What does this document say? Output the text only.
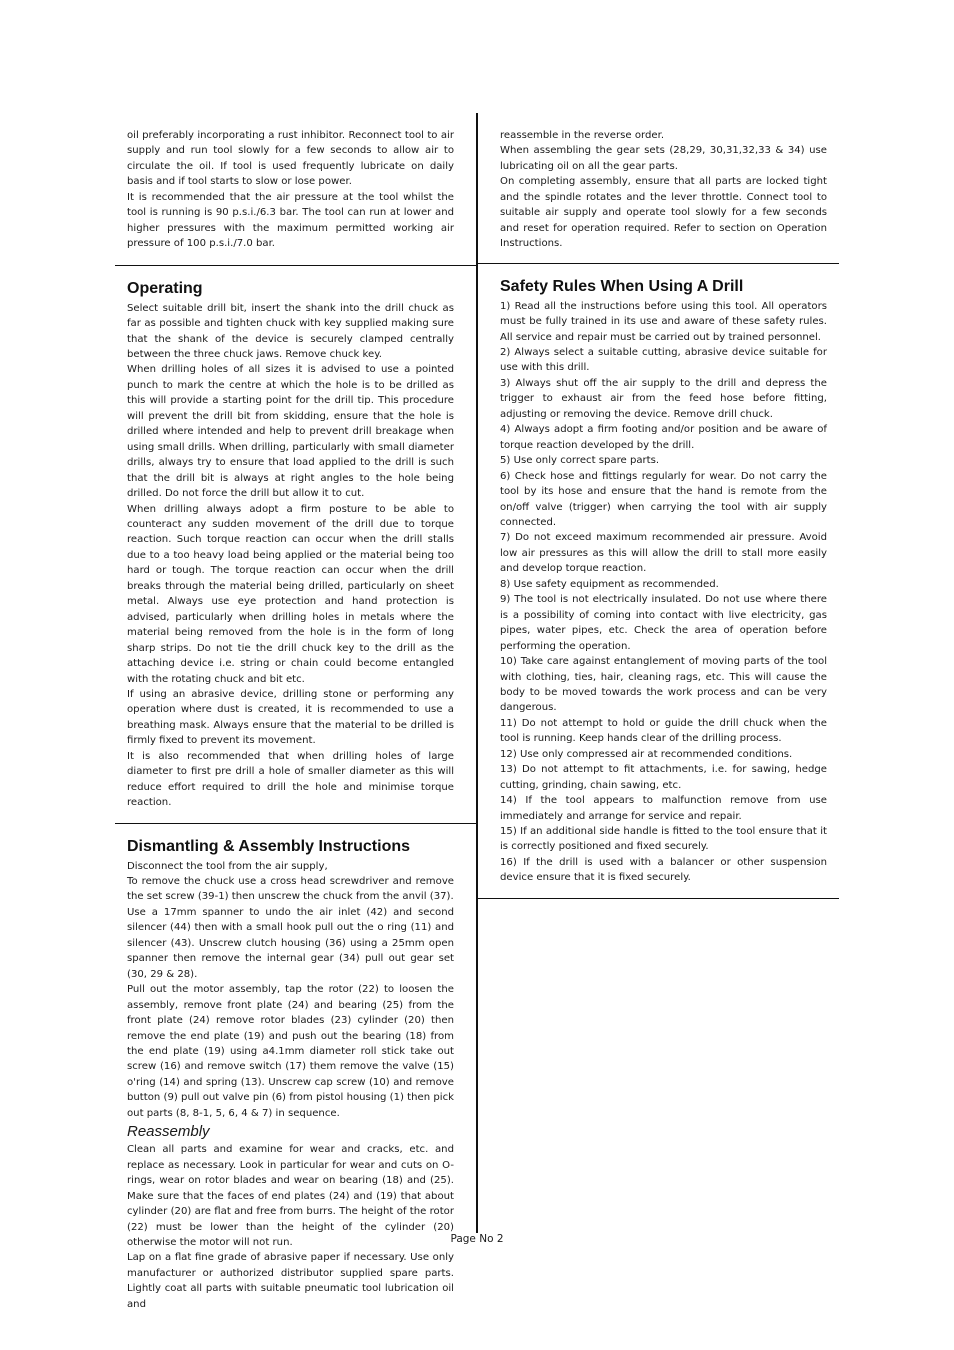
oil preferably incorporating a rust inhibitor. Reconnect tool to air supply and run tool slowly for a few seconds to allow air to circulate the oil. If tool is used frequently lubricate on daily basis and if tool starts to slow or lose power.

It is recommended that the air pressure at the tool whilst the tool is running is 90 p.s.i./6.3 bar. The tool can run at lower and higher pressures with the maximum permitted working air pressure of 100 p.s.i./7.0 bar.

Operating

Select suitable drill bit, insert the shank into the drill chuck as far as possible and tighten chuck with key supplied making sure that the shank of the device is securely clamped centrally between the three chuck jaws. Remove chuck key.

When drilling holes of all sizes it is advised to use a pointed punch to mark the centre at which the hole is to be drilled as this will provide a starting point for the drill tip. This procedure will prevent the drill bit from skidding, ensure that the hole is drilled where intended and help to prevent drill breakage when using small drills. When drilling, particularly with small diameter drills, always try to ensure that load applied to the drill is such that the drill bit is always at right angles to the hole being drilled. Do not force the drill but allow it to cut.

When drilling always adopt a firm posture to be able to counteract any sudden movement of the drill due to torque reaction. Such torque reaction can occur when the drill stalls due to a too heavy load being applied or the material being too hard or tough. The torque reaction can occur when the drill breaks through the material being drilled, particularly on sheet metal. Always use eye protection and hand protection is advised, particularly when drilling holes in metals where the material being removed from the hole is in the form of long sharp strips. Do not tie the drill chuck key to the drill as the attaching device i.e. string or chain could become entangled with the rotating chuck and bit etc.

If using an abrasive device, drilling stone or performing any operation where dust is created, it is recommended to use a breathing mask. Always ensure that the material to be drilled is firmly fixed to prevent its movement.

It is also recommended that when drilling holes of large diameter to first pre drill a hole of smaller diameter as this will reduce effort required to drill the hole and minimise torque reaction.

Dismantling & Assembly Instructions

Disconnect the tool from the air supply,

To remove the chuck use a cross head screwdriver and remove the set screw (39-1) then unscrew the chuck from the anvil (37).

Use a 17mm spanner to undo the air inlet (42) and second silencer (44) then with a small hook pull out the o ring (11) and silencer (43). Unscrew clutch housing (36) using a 25mm open spanner then remove the internal gear (34) pull out gear set (30, 29 & 28).

Pull out the motor assembly, tap the rotor (22) to loosen the assembly, remove front plate (24) and bearing (25) from the front plate (24) remove rotor blades (23) cylinder (20) then remove the end plate (19) and push out the bearing (18) from the end plate (19) using a4.1mm diameter roll stick take out screw (16) and remove switch (17) them remove the valve (15) o'ring (14) and spring (13). Unscrew cap screw (10) and remove button (9) pull out valve pin (6) from pistol housing (1) then pick out parts (8, 8-1, 5, 6, 4 & 7) in sequence.

Reassembly

Clean all parts and examine for wear and cracks, etc. and replace as necessary. Look in particular for wear and cuts on O-rings, wear on rotor blades and wear on bearing (18) and (25). Make sure that the faces of end plates (24) and (19) that about cylinder (20) are flat and free from burrs. The height of the rotor (22) must be lower than the height of the cylinder (20) otherwise the motor will not run.

Lap on a flat fine grade of abrasive paper if necessary. Use only manufacturer or authorized distributor supplied spare parts. Lightly coat all parts with suitable pneumatic tool lubrication oil and

reassemble in the reverse order.

When assembling the gear sets (28,29, 30,31,32,33 & 34) use lubricating oil on all the gear parts.

On completing assembly, ensure that all parts are locked tight and the spindle rotates and the lever throttle. Connect tool to suitable air supply and operate tool slowly for a few seconds and reset for operation required. Refer to section on Operation Instructions.

Safety Rules When Using A Drill

1) Read all the instructions before using this tool. All operators must be fully trained in its use and aware of these safety rules. All service and repair must be carried out by trained personnel.

2) Always select a suitable cutting, abrasive device suitable for use with this drill.

3) Always shut off the air supply to the drill and depress the trigger to exhaust air from the feed hose before fitting, adjusting or removing the device. Remove drill chuck.

4) Always adopt a firm footing and/or position and be aware of torque reaction developed by the drill.

5) Use only correct spare parts.

6) Check hose and fittings regularly for wear. Do not carry the tool by its hose and ensure that the hand is remote from the on/off valve (trigger) when carrying the tool with air supply connected.

7) Do not exceed maximum recommended air pressure. Avoid low air pressures as this will allow the drill to stall more easily and develop torque reaction.

8) Use safety equipment as recommended.

9) The tool is not electrically insulated. Do not use where there is a possibility of coming into contact with live electricity, gas pipes, water pipes, etc. Check the area of operation before performing the operation.

10) Take care against entanglement of moving parts of the tool with clothing, ties, hair, cleaning rags, etc. This will cause the body to be moved towards the work process and can be very dangerous.

11) Do not attempt to hold or guide the drill chuck when the tool is running. Keep hands clear of the drilling process.

12) Use only compressed air at recommended conditions.

13) Do not attempt to fit attachments, i.e. for sawing, hedge cutting, grinding, chain sawing, etc.

14) If the tool appears to malfunction remove from use immediately and arrange for service and repair.

15) If an additional side handle is fitted to the tool ensure that it is correctly positioned and fixed securely.

16) If the drill is used with a balancer or other suspension device ensure that it is fixed securely.

Page No 2
